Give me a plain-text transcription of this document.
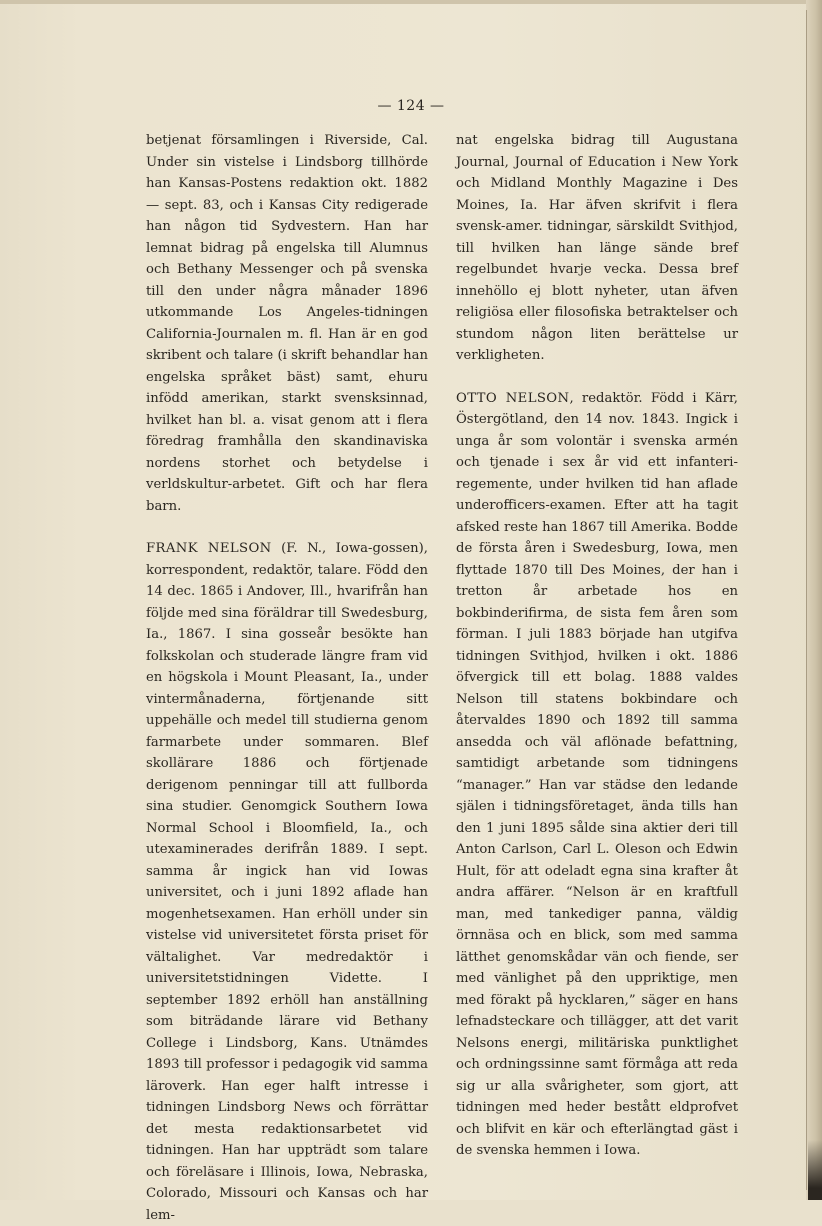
— 124 —

betjenat församlingen i Riverside, Cal. Under sin vistelse i Lindsborg tillhörde han Kansas-Postens redaktion okt. 1882 — sept. 83, och i Kansas City redigerade han någon tid Sydvestern. Han har lemnat bidrag på engelska till Alumnus och Bethany Messenger och på svenska till den under några månader 1896 utkommande Los Angeles-tidningen California-Journalen m. fl. Han är en god skribent och talare (i skrift behandlar han engelska språket bäst) samt, ehuru infödd amerikan, starkt svensksinnad, hvilket han bl. a. visat genom att i flera föredrag framhålla den skandinaviska nordens storhet och betydelse i verldskultur-arbetet. Gift och har flera barn.

FRANK NELSON (F. N., Iowa-gossen), korrespondent, redaktör, talare. Född den 14 dec. 1865 i Andover, Ill., hvarifrån han följde med sina föräldrar till Swedesburg, Ia., 1867. I sina gosseår besökte han folkskolan och studerade längre fram vid en högskola i Mount Pleasant, Ia., under vintermånaderna, förtjenande sitt uppehälle och medel till studierna genom farmarbete under sommaren. Blef skollärare 1886 och förtjenade derigenom penningar till att fullborda sina studier. Genomgick Southern Iowa Normal School i Bloomfield, Ia., och utexaminerades derifrån 1889. I sept. samma år ingick han vid Iowas universitet, och i juni 1892 aflade han mogenhetsexamen. Han erhöll under sin vistelse vid universitetet första priset för vältalighet. Var medredaktör i universitetstidningen Vidette. I september 1892 erhöll han anställning som biträdande lärare vid Bethany College i Lindsborg, Kans. Utnämdes 1893 till professor i pedagogik vid samma läroverk. Han eger halft intresse i tidningen Lindsborg News och förrättar det mesta redaktionsarbetet vid tidningen. Han har uppträdt som talare och föreläsare i Illinois, Iowa, Nebraska, Colorado, Missouri och Kansas och har lem-

nat engelska bidrag till Augustana Journal, Journal of Education i New York och Midland Monthly Magazine i Des Moines, Ia. Har äfven skrifvit i flera svensk-amer. tidningar, särskildt Svithjod, till hvilken han länge sände bref regelbundet hvarje vecka. Dessa bref innehöllo ej blott nyheter, utan äfven religiösa eller filosofiska betraktelser och stundom någon liten berättelse ur verkligheten.

OTTO NELSON, redaktör. Född i Kärr, Östergötland, den 14 nov. 1843. Ingick i unga år som volontär i svenska armén och tjenade i sex år vid ett infanteri-regemente, under hvilken tid han aflade underofficers-examen. Efter att ha tagit afsked reste han 1867 till Amerika. Bodde de första åren i Swedesburg, Iowa, men flyttade 1870 till Des Moines, der han i tretton år arbetade hos en bokbinderifirma, de sista fem åren som förman. I juli 1883 började han utgifva tidningen Svithjod, hvilken i okt. 1886 öfvergick till ett bolag. 1888 valdes Nelson till statens bokbindare och återvaldes 1890 och 1892 till samma ansedda och väl aflönade befattning, samtidigt arbetande som tidningens “manager.” Han var städse den ledande själen i tidningsföretaget, ända tills han den 1 juni 1895 sålde sina aktier deri till Anton Carlson, Carl L. Oleson och Edwin Hult, för att odeladt egna sina krafter åt andra affärer. “Nelson är en kraftfull man, med tankediger panna, väldig örnnäsa och en blick, som med samma lätthet genomskådar vän och fiende, ser med vänlighet på den uppriktige, men med förakt på hycklaren,” säger en hans lefnadsteckare och tillägger, att det varit Nelsons energi, militäriska punktlighet och ordningssinne samt förmåga att reda sig ur alla svårigheter, som gjort, att tidningen med heder bestått eldprofvet och blifvit en kär och efterlängtad gäst i de svenska hemmen i Iowa.
